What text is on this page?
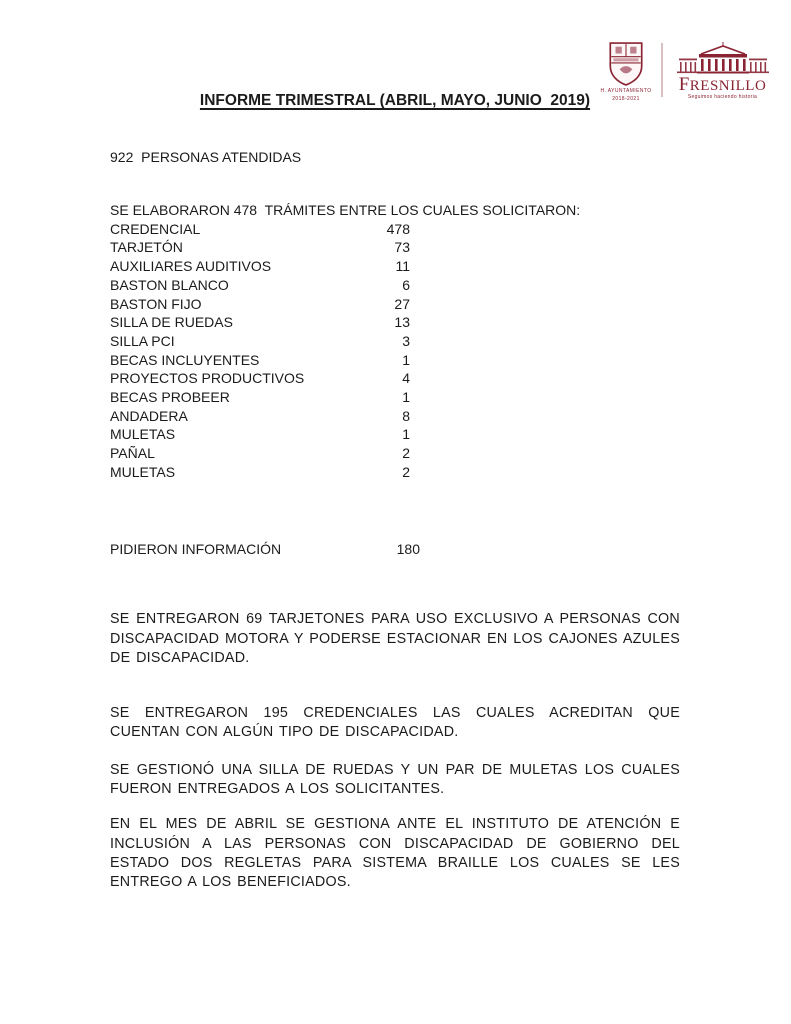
H. AYUNTAMIENTO
2018-2021
FRESNILLO
Seguimos haciendo historia
INFORME TRIMESTRAL (ABRIL, MAYO, JUNIO  2019)
922  PERSONAS ATENDIDAS
SE ELABORARON 478  TRÁMITES ENTRE LOS CUALES SOLICITARON:
CREDENCIAL	478
TARJETÓN	73
AUXILIARES AUDITIVOS	11
BASTON BLANCO	6
BASTON FIJO	27
SILLA DE RUEDAS	13
SILLA PCI	3
BECAS INCLUYENTES	1
PROYECTOS PRODUCTIVOS	4
BECAS PROBEER	1
ANDADERA	8
MULETAS	1
PAÑAL	2
MULETAS	2
PIDIERON INFORMACIÓN	180

SE ENTREGARON 69 TARJETONES PARA USO EXCLUSIVO A PERSONAS CON DISCAPACIDAD MOTORA Y PODERSE ESTACIONAR EN LOS CAJONES AZULES DE DISCAPACIDAD.

SE ENTREGARON 195 CREDENCIALES LAS CUALES ACREDITAN QUE CUENTAN CON ALGÚN TIPO DE DISCAPACIDAD.

SE GESTIONÓ UNA SILLA DE RUEDAS Y UN PAR DE MULETAS LOS CUALES FUERON ENTREGADOS A LOS SOLICITANTES.

EN EL MES DE ABRIL SE GESTIONA ANTE EL INSTITUTO DE ATENCIÓN E INCLUSIÓN A LAS PERSONAS CON DISCAPACIDAD DE GOBIERNO DEL ESTADO DOS REGLETAS PARA SISTEMA BRAILLE LOS CUALES SE LES ENTREGO A LOS BENEFICIADOS.
